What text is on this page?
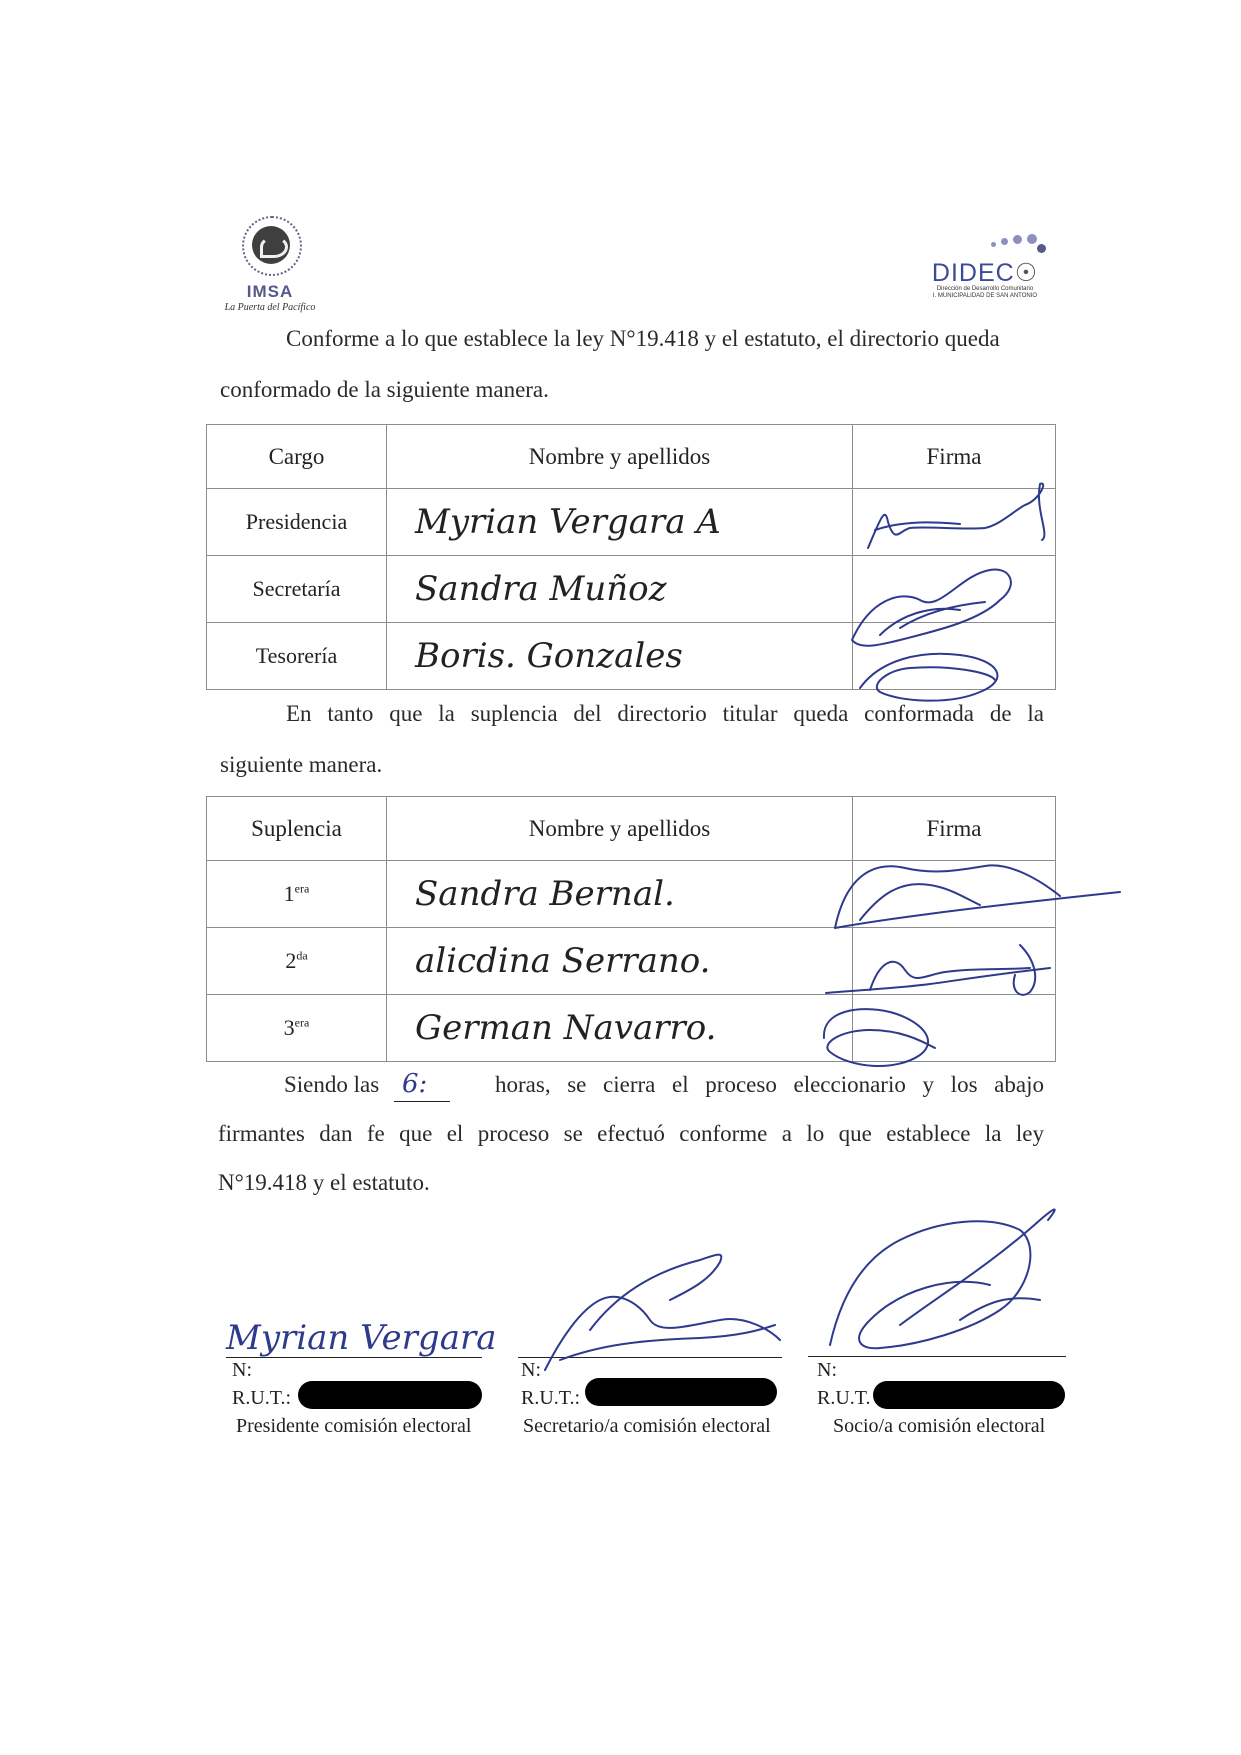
IMSA
La Puerta del Pacífico
DIDEC☉
Dirección de Desarrollo Comunitario
I. MUNICIPALIDAD DE SAN ANTONIO
Conforme a lo que establece la ley N°19.418 y el estatuto, el directorio queda
conformado de la siguiente manera.
Cargo	Nombre y apellidos	Firma
Presidencia	Myrian Vergara A	
Secretaría	Sandra Muñoz	
Tesorería	Boris. Gonzales	
En tanto que la suplencia del directorio titular queda conformada de la
siguiente manera.
Suplencia	Nombre y apellidos	Firma
$1^{era}$	Sandra Bernal.	
$2^{da}$	alicdina Serrano.	
$3^{era}$	German Navarro.	
Siendo las 6:	horas, se cierra el proceso eleccionario y los abajo
firmantes dan fe que el proceso se efectuó conforme a lo que establece la ley
N°19.418 y el estatuto.
Myrian Vergara
N:
R.U.T.:
Presidente comisión electoral
N:
R.U.T.:
Secretario/a comisión electoral
N:
R.U.T.
Socio/a comisión electoral
